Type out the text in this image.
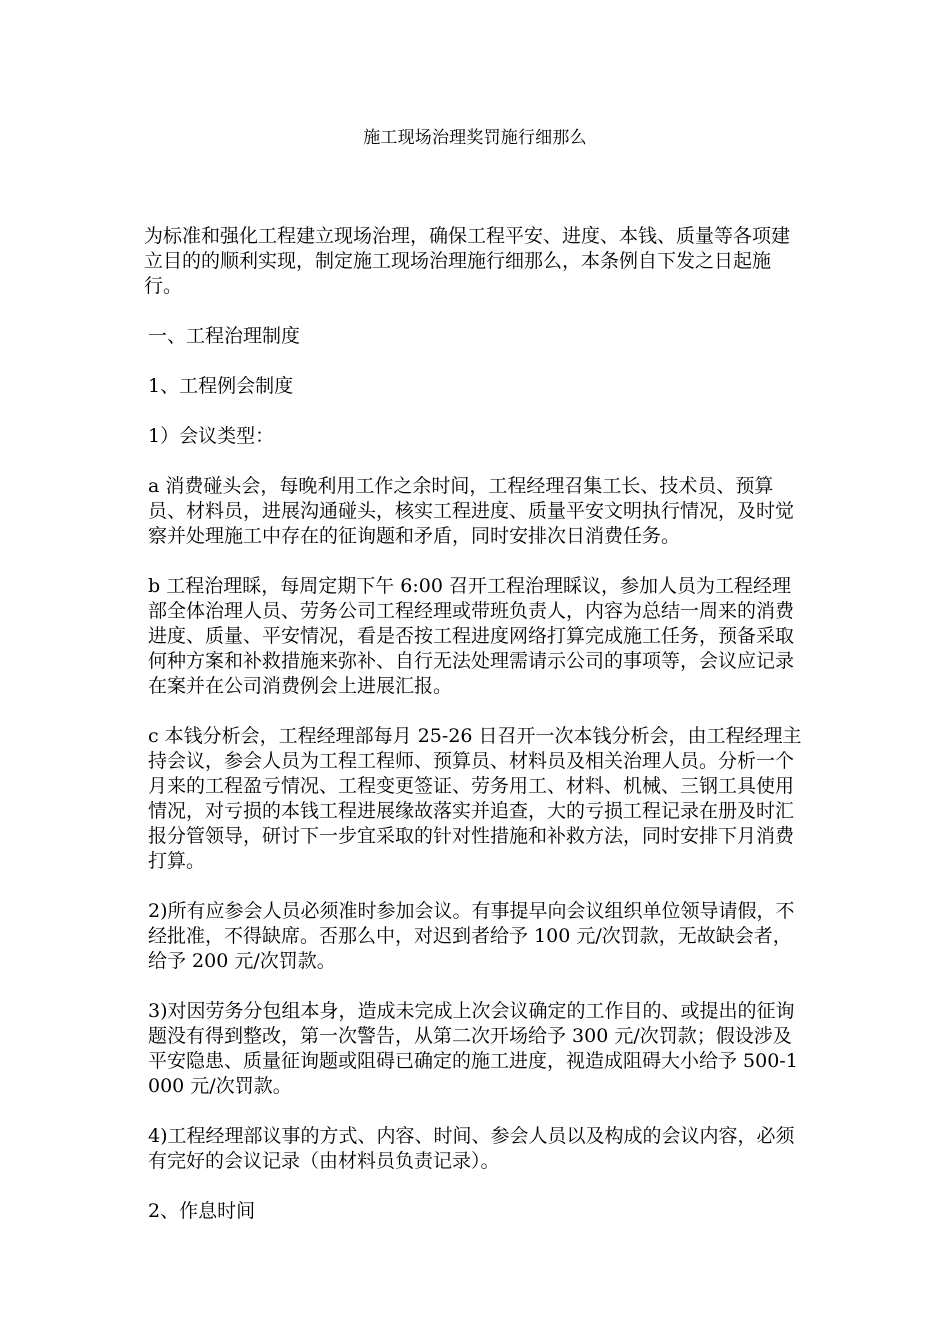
施工现场治理奖罚施行细那么

为标准和强化工程建立现场治理，确保工程平安、进度、本钱、质量等各项建立目的的顺利实现，制定施工现场治理施行细那么，本条例自下发之日起施行。

一、工程治理制度

1、工程例会制度

1）会议类型：

a 消费碰头会，每晚利用工作之余时间，工程经理召集工长、技术员、预算员、材料员，进展沟通碰头，核实工程进度、质量平安文明执行情况，及时觉察并处理施工中存在的征询题和矛盾，同时安排次日消费任务。

b 工程治理睬，每周定期下午 6:00 召开工程治理睬议，参加人员为工程经理部全体治理人员、劳务公司工程经理或带班负责人，内容为总结一周来的消费进度、质量、平安情况，看是否按工程进度网络打算完成施工任务，预备采取何种方案和补救措施来弥补、自行无法处理需请示公司的事项等，会议应记录在案并在公司消费例会上进展汇报。

c 本钱分析会，工程经理部每月 25-26 日召开一次本钱分析会，由工程经理主持会议，参会人员为工程工程师、预算员、材料员及相关治理人员。分析一个月来的工程盈亏情况、工程变更签证、劳务用工、材料、机械、三钢工具使用情况，对亏损的本钱工程进展缘故落实并追查，大的亏损工程记录在册及时汇报分管领导，研讨下一步宜采取的针对性措施和补救方法，同时安排下月消费打算。

2)所有应参会人员必须准时参加会议。有事提早向会议组织单位领导请假，不经批准，不得缺席。否那么中，对迟到者给予 100 元/次罚款，无故缺会者，给予 200 元/次罚款。

3)对因劳务分包组本身，造成未完成上次会议确定的工作目的、或提出的征询题没有得到整改，第一次警告，从第二次开场给予 300 元/次罚款；假设涉及平安隐患、质量征询题或阻碍已确定的施工进度，视造成阻碍大小给予 500-1000 元/次罚款。

4)工程经理部议事的方式、内容、时间、参会人员以及构成的会议内容，必须有完好的会议记录（由材料员负责记录）。

2、作息时间
